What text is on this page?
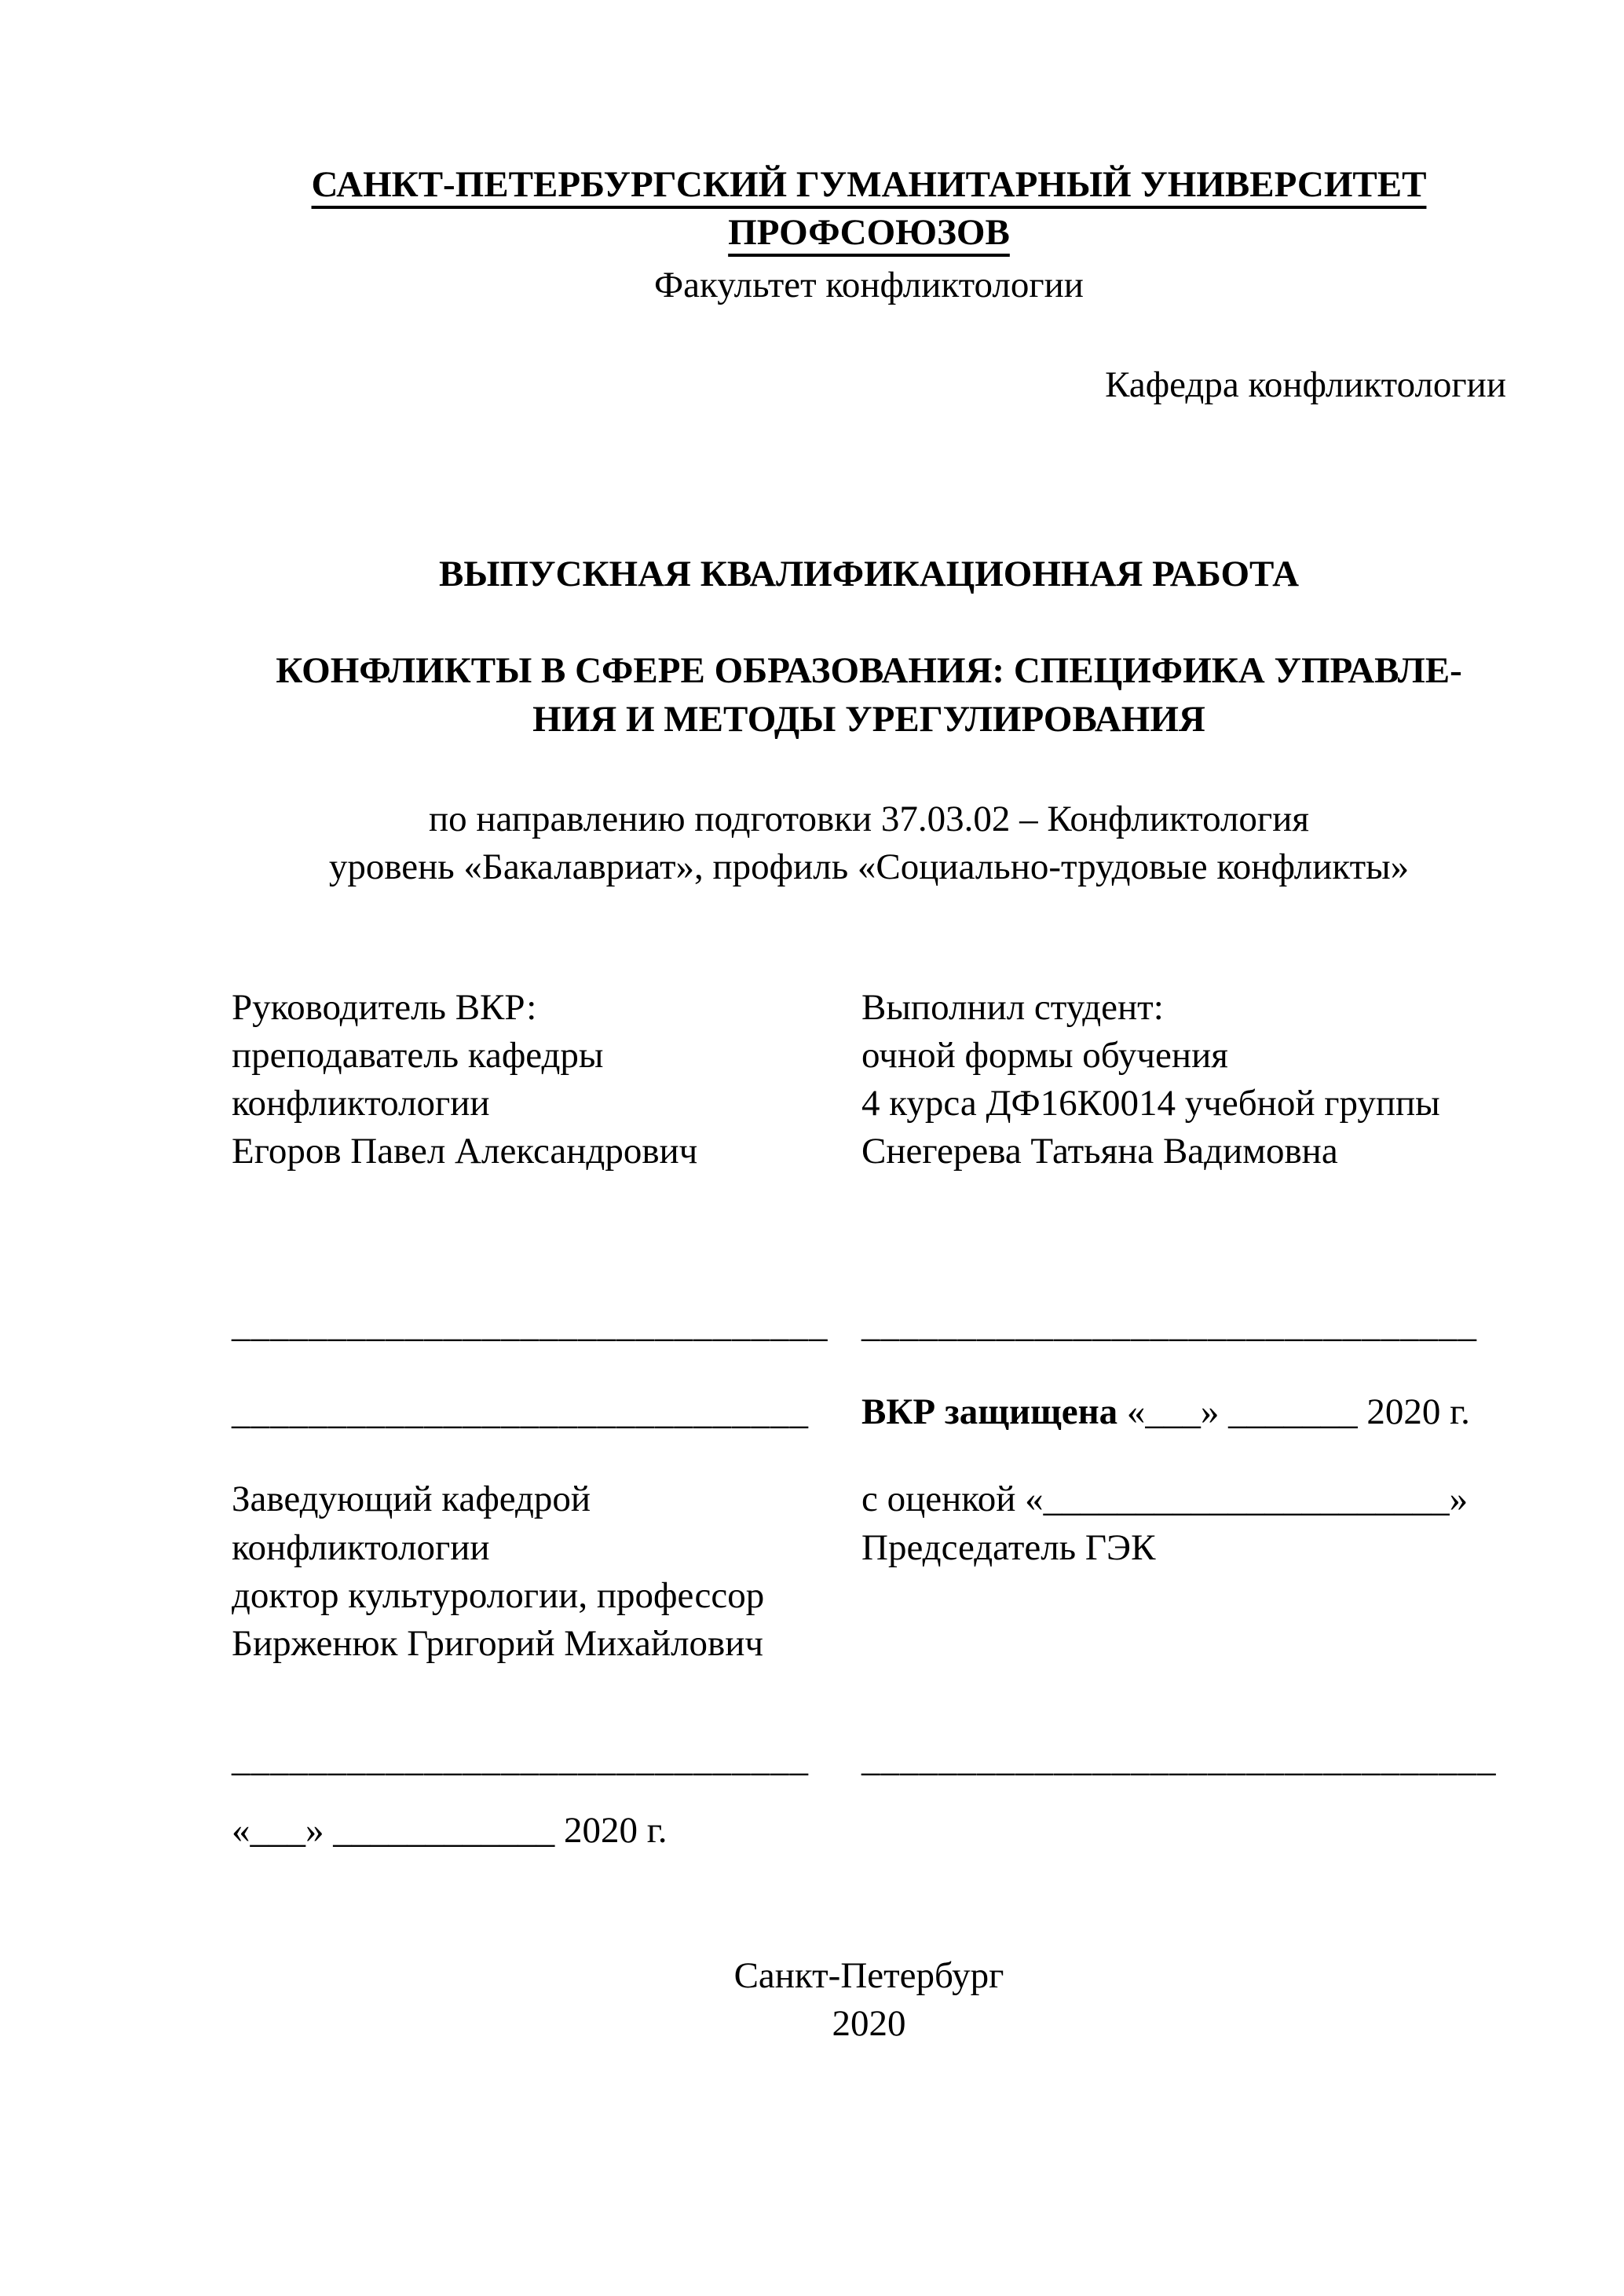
САНКТ-ПЕТЕРБУРГСКИЙ ГУМАНИТАРНЫЙ УНИВЕРСИТЕТ ПРОФСОЮЗОВ
Факультет конфликтологии
Кафедра конфликтологии
ВЫПУСКНАЯ КВАЛИФИКАЦИОННАЯ РАБОТА
КОНФЛИКТЫ В СФЕРЕ ОБРАЗОВАНИЯ: СПЕЦИФИКА УПРАВЛЕ-
НИЯ И МЕТОДЫ УРЕГУЛИРОВАНИЯ
по направлению подготовки 37.03.02 – Конфликтология
уровень «Бакалавриат», профиль «Социально-трудовые конфликты»
Руководитель ВКР:
преподаватель кафедры
конфликтологии
Егоров Павел Александрович
Выполнил студент:
очной формы обучения
4 курса ДФ16К0014 учебной группы
Снегерева Татьяна Вадимовна
_______________________________ ________________________________
______________________________	ВКР защищена «___» _______ 2020 г.
Заведующий кафедрой
конфликтологии
доктор культурологии, профессор
Бирженюк Григорий Михайлович
с оценкой «______________________»
Председатель ГЭК
______________________________	_________________________________
«___» ____________ 2020 г.
Санкт-Петербург
2020
